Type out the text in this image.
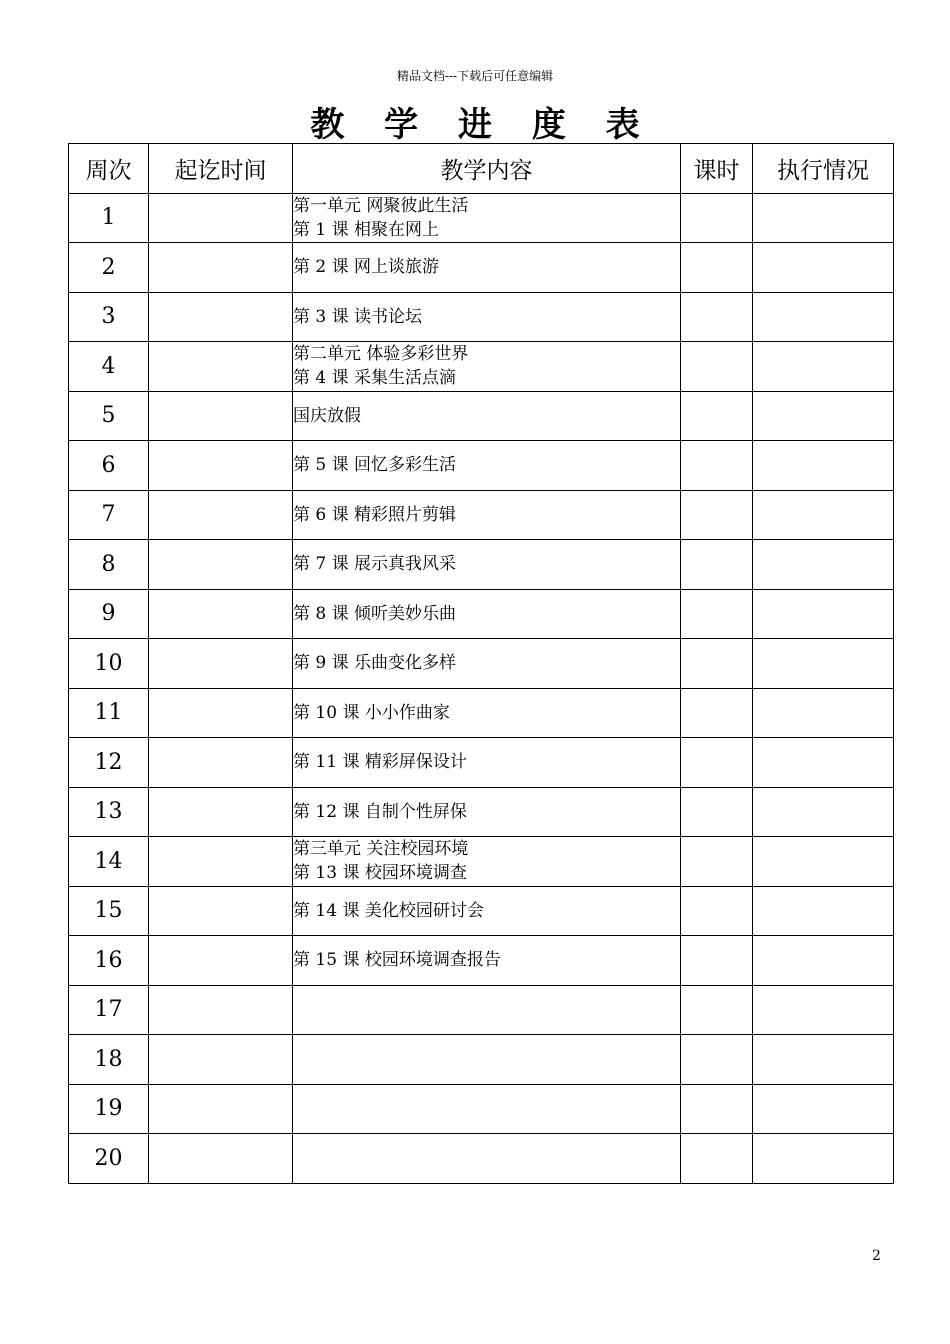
精品文档---下载后可任意编辑
教 学 进 度 表
周次	起讫时间	教学内容	课时	执行情况
1		第一单元 网聚彼此生活
第 1 课 相聚在网上		

2		第 2 课 网上谈旅游		

3		第 3 课 读书论坛		

4		第二单元 体验多彩世界
第 4 课 采集生活点滴		

5		国庆放假		

6		第 5 课 回忆多彩生活		

7		第 6 课 精彩照片剪辑		

8		第 7 课 展示真我风采		

9		第 8 课 倾听美妙乐曲		

10		第 9 课 乐曲变化多样		

11		第 10 课 小小作曲家		

12		第 11 课 精彩屏保设计		

13		第 12 课 自制个性屏保		

14		第三单元 关注校园环境
第 13 课 校园环境调查		

15		第 14 课 美化校园研讨会		

16		第 15 课 校园环境调查报告		

17				
18				
19				
20				
2
